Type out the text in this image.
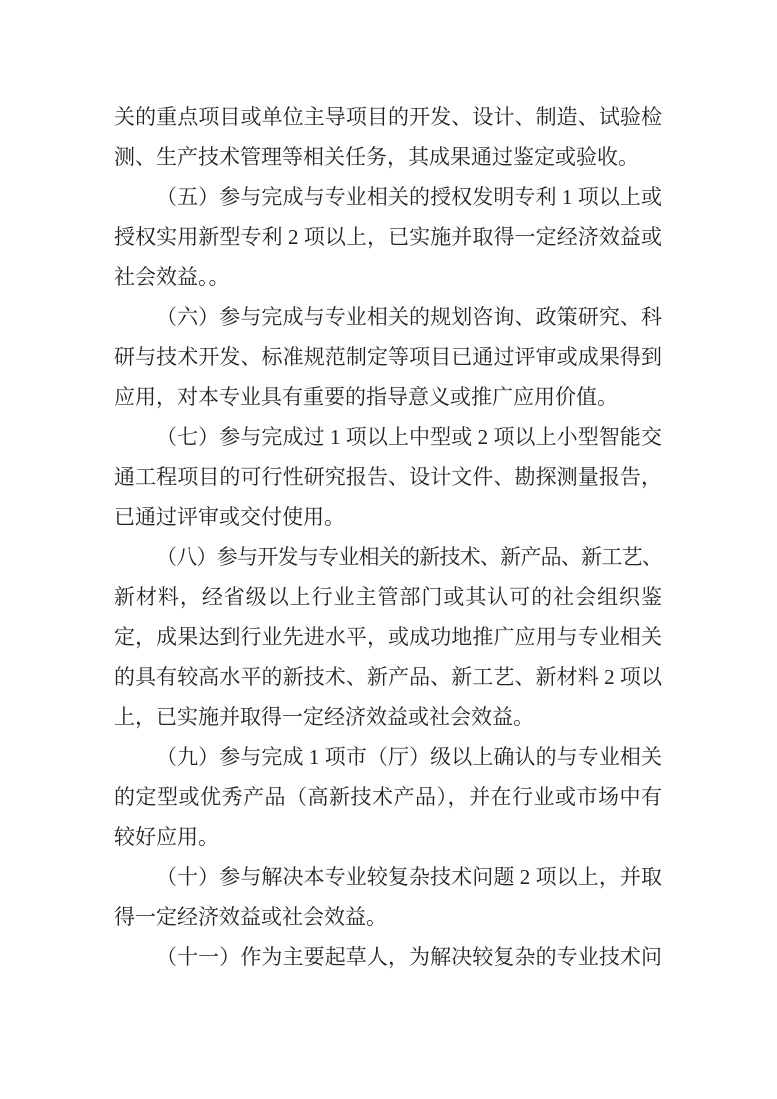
关的重点项目或单位主导项目的开发、设计、制造、试验检
测、生产技术管理等相关任务，其成果通过鉴定或验收。
（五）参与完成与专业相关的授权发明专利 1 项以上或
授权实用新型专利 2 项以上，已实施并取得一定经济效益或
社会效益。。
（六）参与完成与专业相关的规划咨询、政策研究、科
研与技术开发、标准规范制定等项目已通过评审或成果得到
应用，对本专业具有重要的指导意义或推广应用价值。
（七）参与完成过 1 项以上中型或 2 项以上小型智能交
通工程项目的可行性研究报告、设计文件、勘探测量报告，
已通过评审或交付使用。
（八）参与开发与专业相关的新技术、新产品、新工艺、
新材料，经省级以上行业主管部门或其认可的社会组织鉴
定，成果达到行业先进水平，或成功地推广应用与专业相关
的具有较高水平的新技术、新产品、新工艺、新材料 2 项以
上，已实施并取得一定经济效益或社会效益。
（九）参与完成 1 项市（厅）级以上确认的与专业相关
的定型或优秀产品（高新技术产品），并在行业或市场中有
较好应用。
（十）参与解决本专业较复杂技术问题 2 项以上，并取
得一定经济效益或社会效益。
（十一）作为主要起草人，为解决较复杂的专业技术问
